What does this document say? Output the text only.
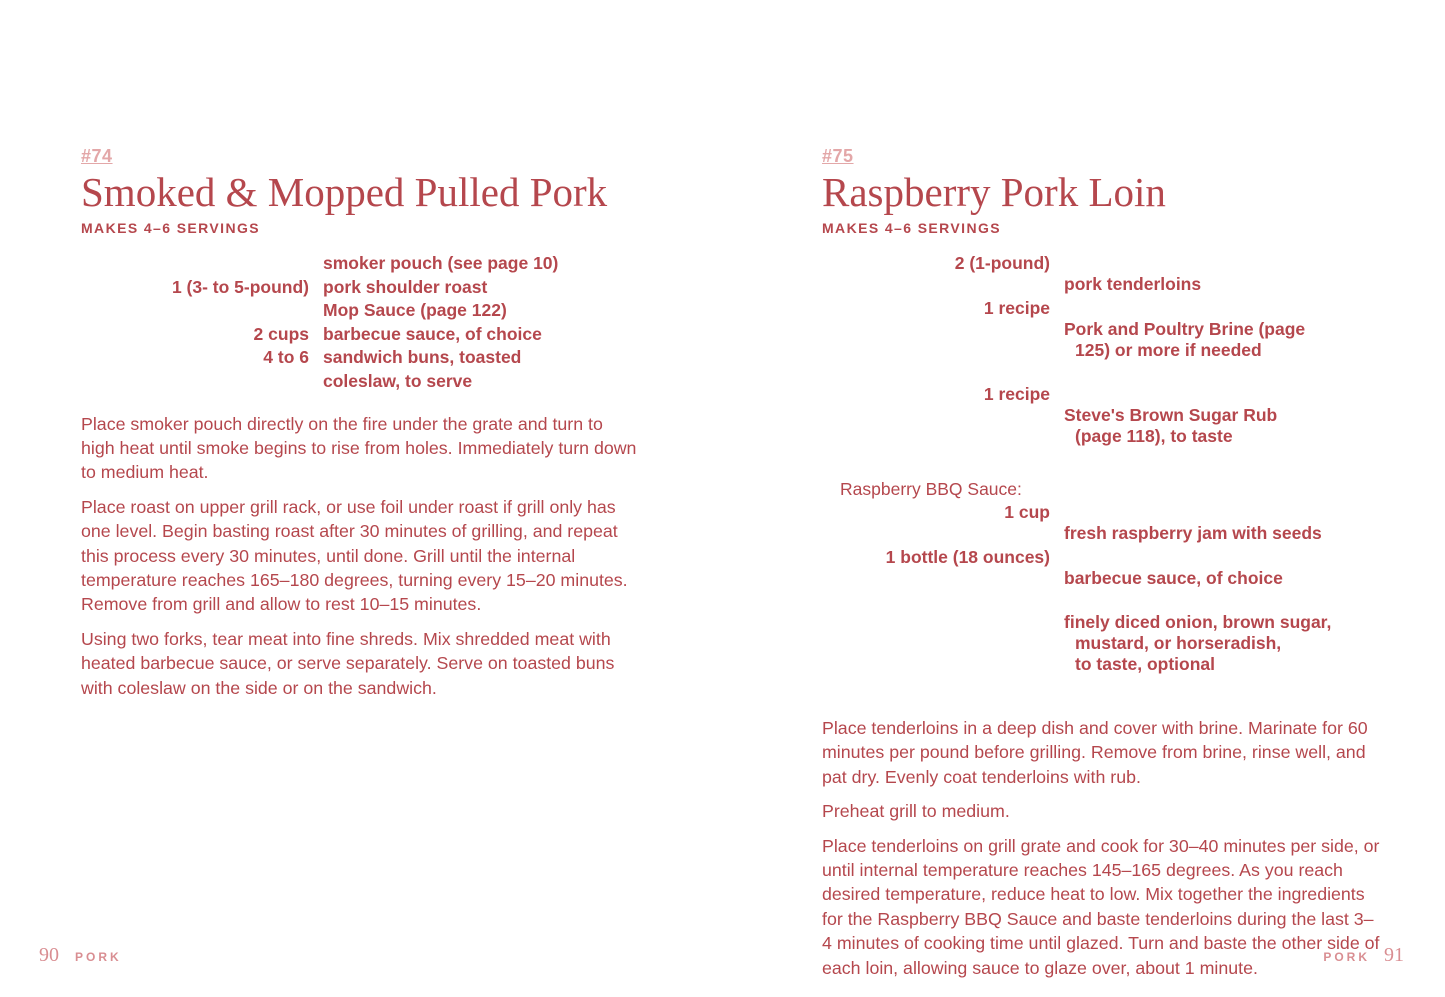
#74
Smoked & Mopped Pulled Pork
MAKES 4–6 SERVINGS
smoker pouch (see page 10)
1 (3- to 5-pound) pork shoulder roast
Mop Sauce (page 122)
2 cups barbecue sauce, of choice
4 to 6 sandwich buns, toasted
coleslaw, to serve

Place smoker pouch directly on the fire under the grate and turn to high heat until smoke begins to rise from holes. Immediately turn down to medium heat.

Place roast on upper grill rack, or use foil under roast if grill only has one level. Begin basting roast after 30 minutes of grilling, and repeat this process every 30 minutes, until done. Grill until the internal temperature reaches 165–180 degrees, turning every 15–20 minutes. Remove from grill and allow to rest 10–15 minutes.

Using two forks, tear meat into fine shreds. Mix shredded meat with heated barbecue sauce, or serve separately. Serve on toasted buns with coleslaw on the side or on the sandwich.

90 PORK
#75
Raspberry Pork Loin
MAKES 4–6 SERVINGS
2 (1-pound)

pork tenderloins

1 recipe

Pork and Poultry Brine (page

125) or more if needed

1 recipe

Steve's Brown Sugar Rub

(page 118), to taste

Raspberry BBQ Sauce:
1 cup

fresh raspberry jam with seeds

1 bottle (18 ounces)

barbecue sauce, of choice

finely diced onion, brown sugar,

mustard, or horseradish,
to taste, optional

Place tenderloins in a deep dish and cover with brine. Marinate for 60 minutes per pound before grilling. Remove from brine, rinse well, and pat dry. Evenly coat tenderloins with rub.

Preheat grill to medium.

Place tenderloins on grill grate and cook for 30–40 minutes per side, or until internal temperature reaches 145–165 degrees. As you reach desired temperature, reduce heat to low. Mix together the ingredients for the Raspberry BBQ Sauce and baste tenderloins during the last 3–4 minutes of cooking time until glazed. Turn and baste the other side of each loin, allowing sauce to glaze over, about 1 minute.

PORK 91
